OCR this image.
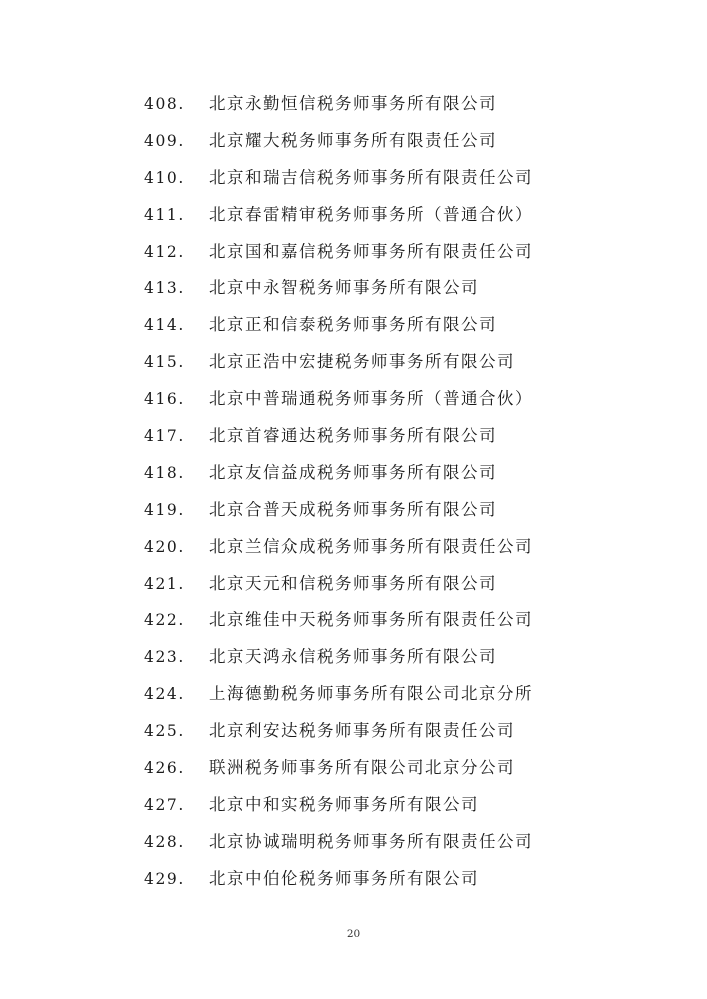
408.	北京永勤恒信税务师事务所有限公司
409.	北京耀大税务师事务所有限责任公司
410.	北京和瑞吉信税务师事务所有限责任公司
411.	北京春雷精审税务师事务所（普通合伙）
412.	北京国和嘉信税务师事务所有限责任公司
413.	北京中永智税务师事务所有限公司
414.	北京正和信泰税务师事务所有限公司
415.	北京正浩中宏捷税务师事务所有限公司
416.	北京中普瑞通税务师事务所（普通合伙）
417.	北京首睿通达税务师事务所有限公司
418.	北京友信益成税务师事务所有限公司
419.	北京合普天成税务师事务所有限公司
420.	北京兰信众成税务师事务所有限责任公司
421.	北京天元和信税务师事务所有限公司
422.	北京维佳中天税务师事务所有限责任公司
423.	北京天鸿永信税务师事务所有限公司
424.	上海德勤税务师事务所有限公司北京分所
425.	北京利安达税务师事务所有限责任公司
426.	联洲税务师事务所有限公司北京分公司
427.	北京中和实税务师事务所有限公司
428.	北京协诚瑞明税务师事务所有限责任公司
429.	北京中伯伦税务师事务所有限公司
20
